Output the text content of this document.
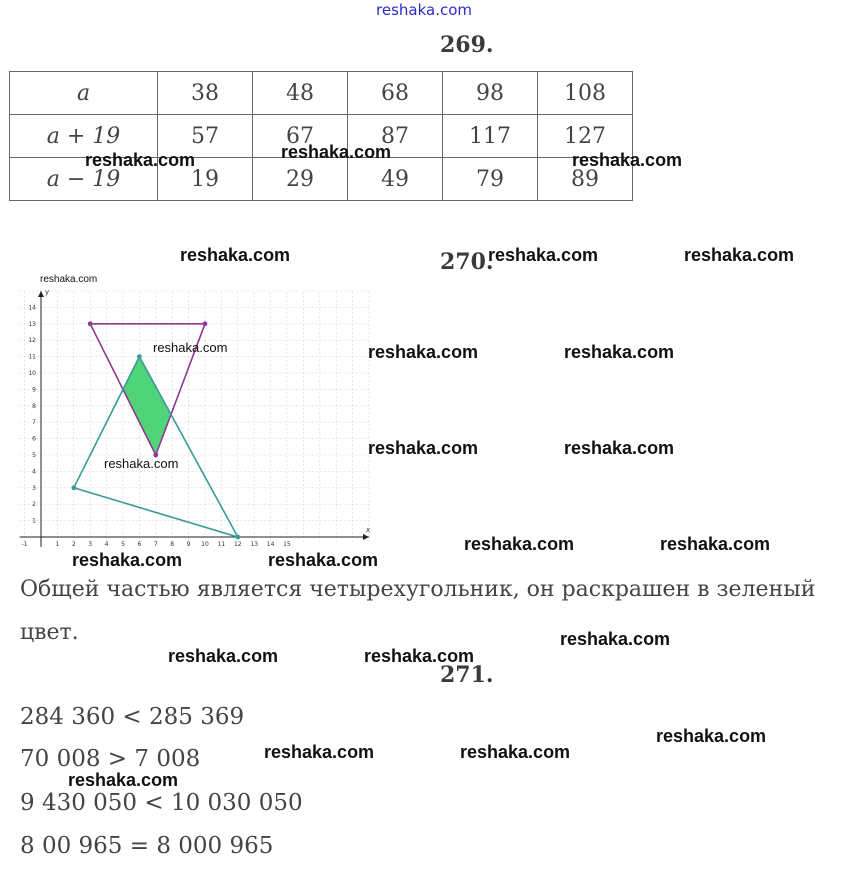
reshaka.com
269.
a	38	48	68	98	108
a + 19	57	67	87	117	127
a − 19	19	29	49	79	89
270.
-1	1 2 3 4 5 6 7 8 9 10 11 12 13 14 15
1
2
3
4
5
6
7
8
9
10
11
12
13
14
x
y
Общей частью является четырехугольник, он раскрашен в зеленый
цвет.
271.
284 360 < 285 369
70 008 > 7 008
9 430 050 < 10 030 050
8 00 965 = 8 000 965
reshaka.com
reshaka.com	reshaka.com	reshaka.com
reshaka.com	reshaka.com	reshaka.com
reshaka.com	reshaka.com	reshaka.com
reshaka.com	reshaka.com
reshaka.com
reshaka.com	reshaka.com
reshaka.com	reshaka.com
reshaka.com
reshaka.com	reshaka.com
reshaka.com
reshaka.com	reshaka.com
reshaka.com
